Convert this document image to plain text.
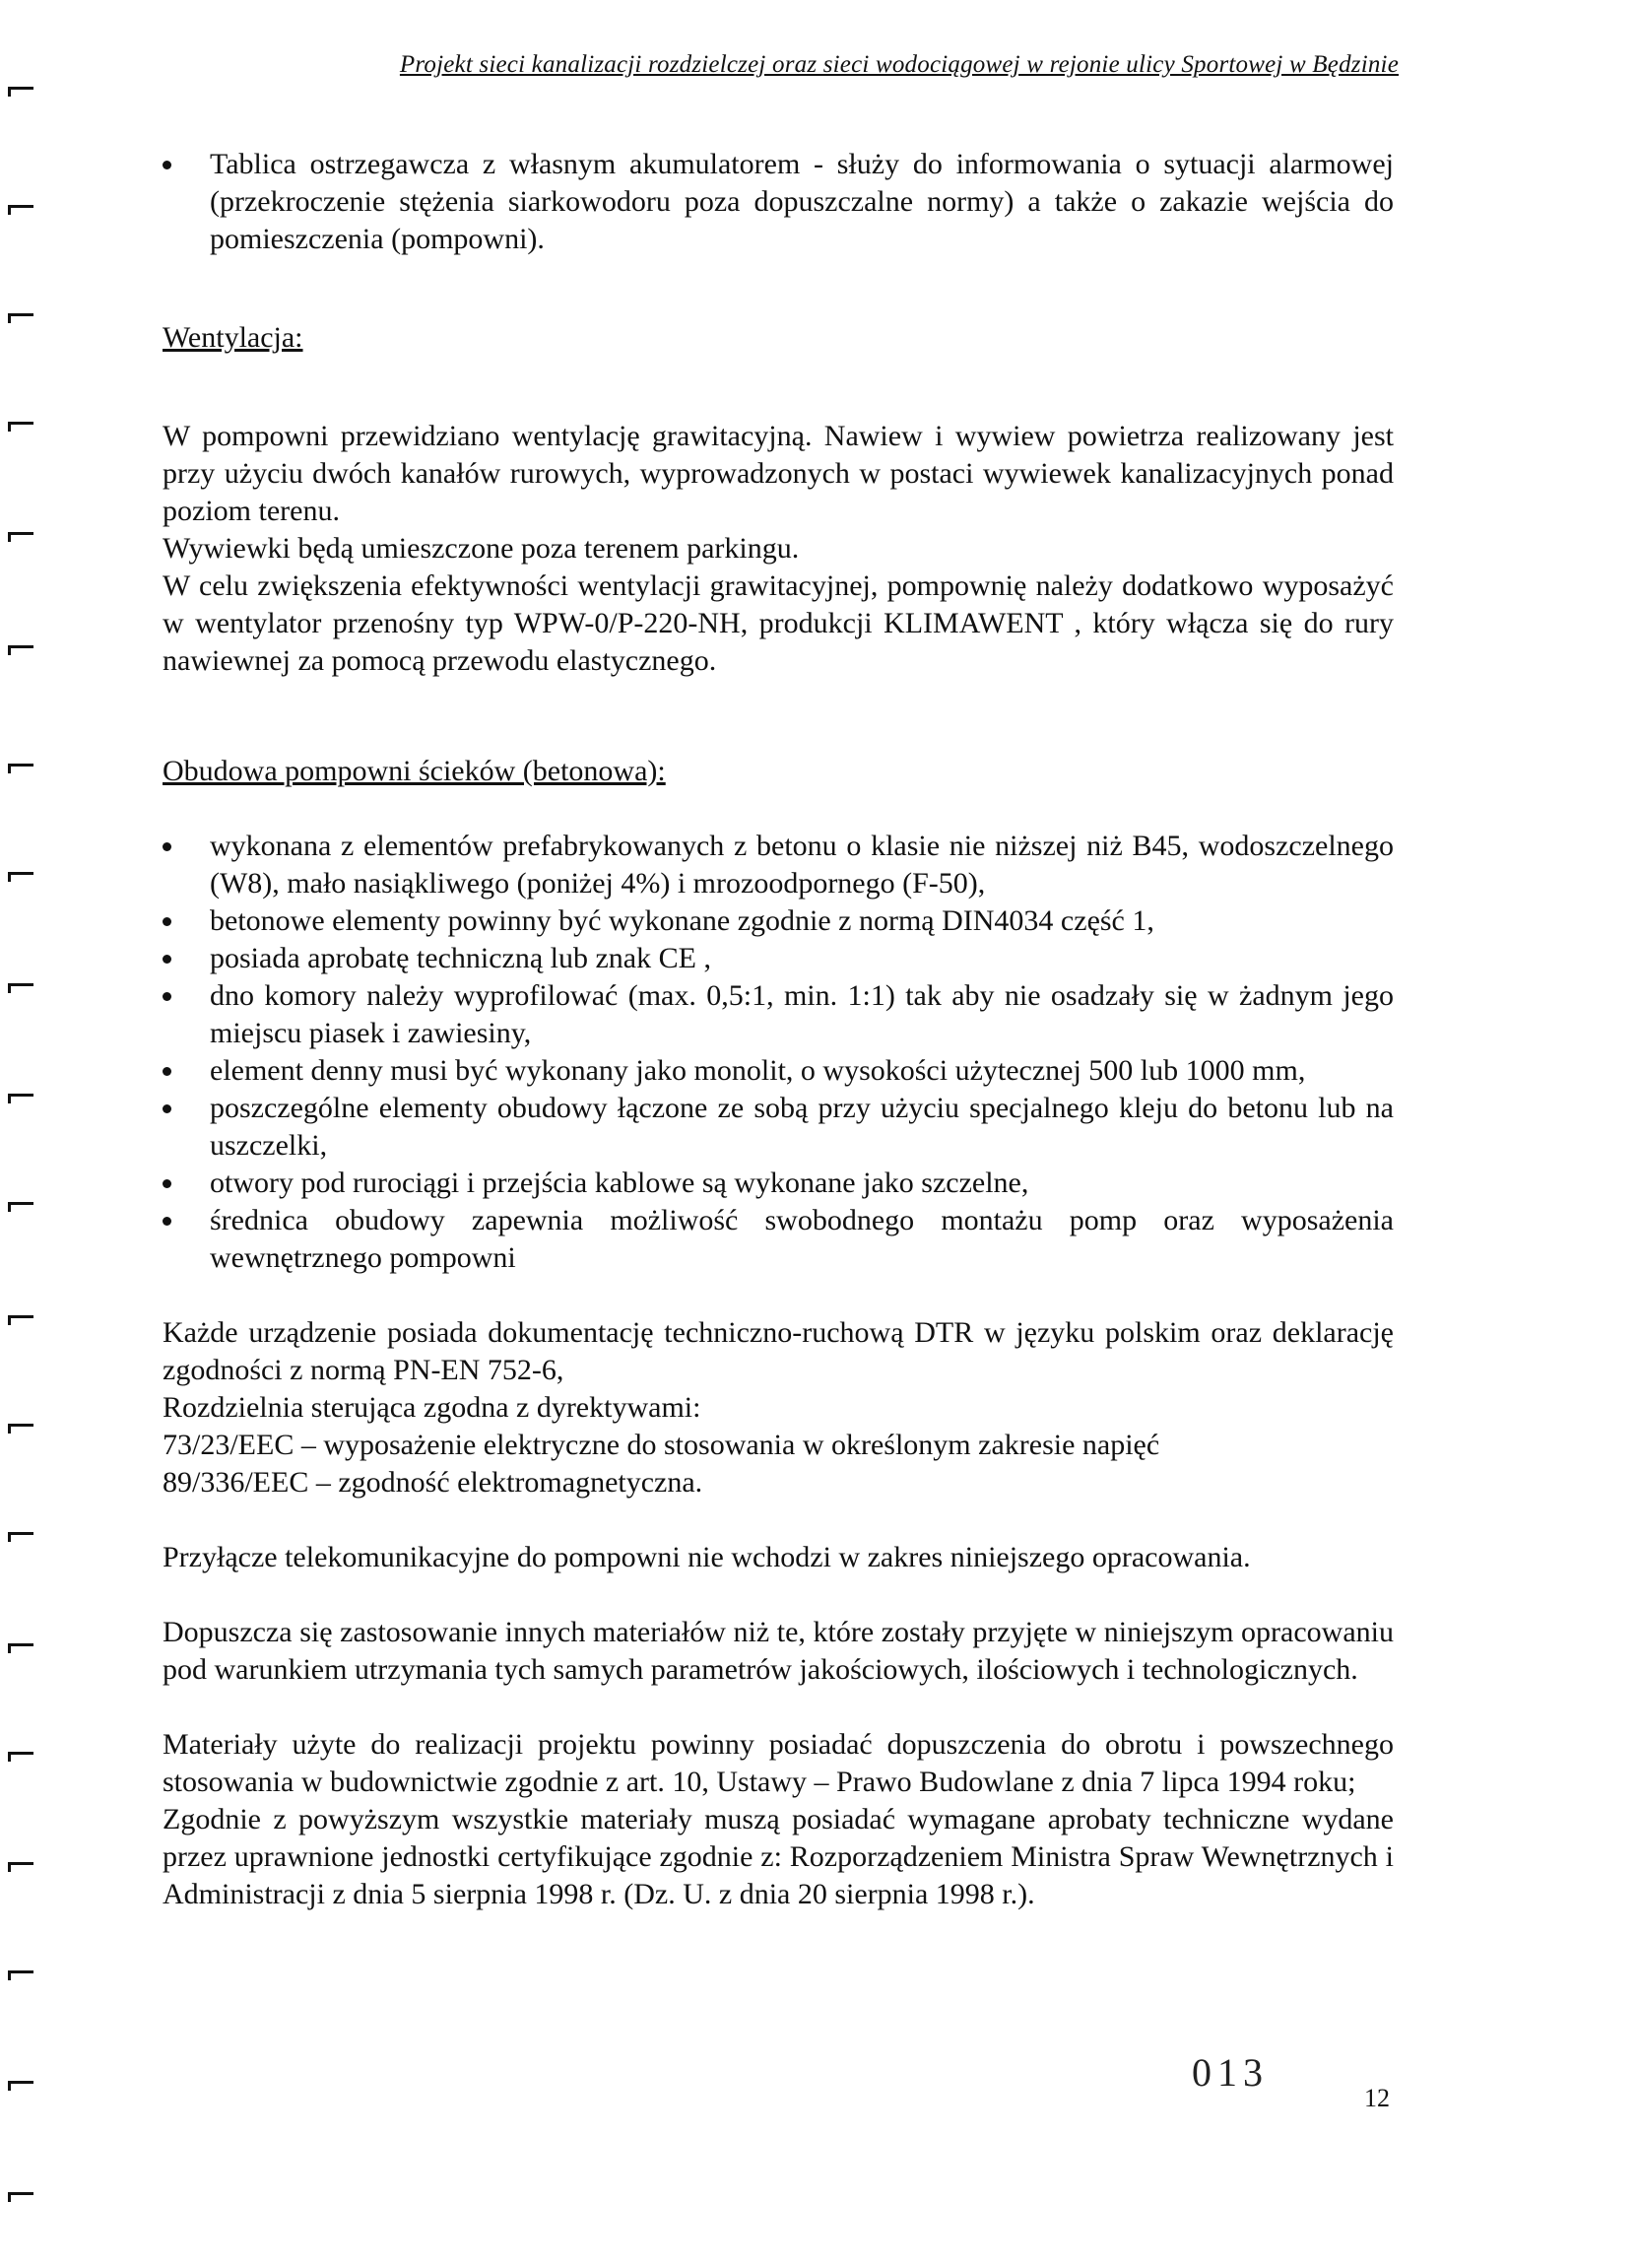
Projekt sieci kanalizacji rozdzielczej oraz sieci wodociągowej w rejonie ulicy Sportowej w Będzinie
Tablica ostrzegawcza z własnym akumulatorem - służy do informowania o sytuacji alarmowej (przekroczenie stężenia siarkowodoru poza dopuszczalne normy) a także o zakazie wejścia do pomieszczenia (pompowni).

Wentylacja:

W pompowni przewidziano wentylację grawitacyjną. Nawiew i wywiew powietrza realizowany jest przy użyciu dwóch kanałów rurowych, wyprowadzonych w postaci wywiewek kanalizacyjnych ponad poziom terenu.

Wywiewki będą umieszczone poza terenem parkingu.

W celu zwiększenia efektywności wentylacji grawitacyjnej, pompownię należy dodatkowo wyposażyć w wentylator przenośny typ WPW-0/P-220-NH, produkcji KLIMAWENT , który włącza się do rury nawiewnej za pomocą przewodu elastycznego.

Obudowa pompowni ścieków (betonowa):

wykonana z elementów prefabrykowanych z betonu o klasie nie niższej niż B45, wodoszczelnego (W8), mało nasiąkliwego (poniżej 4%) i mrozoodpornego (F-50),
betonowe elementy powinny być wykonane zgodnie z normą DIN4034 część 1,
posiada aprobatę techniczną lub znak CE ,
dno komory należy wyprofilować (max. 0,5:1, min. 1:1) tak aby nie osadzały się w żadnym jego miejscu piasek i zawiesiny,
element denny musi być wykonany jako monolit, o wysokości użytecznej 500 lub 1000 mm,
poszczególne elementy obudowy łączone ze sobą przy użyciu specjalnego kleju do betonu lub na uszczelki,
otwory pod rurociągi i przejścia kablowe są wykonane jako szczelne,
średnica obudowy zapewnia możliwość swobodnego montażu pomp oraz wyposażenia wewnętrznego pompowni

Każde urządzenie posiada dokumentację techniczno-ruchową DTR w języku polskim oraz deklarację zgodności z normą PN-EN 752-6,

Rozdzielnia sterująca zgodna z dyrektywami:

73/23/EEC – wyposażenie elektryczne do stosowania w określonym zakresie napięć

89/336/EEC – zgodność elektromagnetyczna.

Przyłącze telekomunikacyjne do pompowni nie wchodzi w zakres niniejszego opracowania.

Dopuszcza się zastosowanie innych materiałów niż te, które zostały przyjęte w niniejszym opracowaniu pod warunkiem utrzymania tych samych parametrów jakościowych, ilościowych i technologicznych.

Materiały użyte do realizacji projektu powinny posiadać dopuszczenia do obrotu i powszechnego stosowania w budownictwie zgodnie z art. 10, Ustawy – Prawo Budowlane z dnia 7 lipca 1994 roku;

Zgodnie z powyższym wszystkie materiały muszą posiadać wymagane aprobaty techniczne wydane przez uprawnione jednostki certyfikujące zgodnie z: Rozporządzeniem Ministra Spraw Wewnętrznych i Administracji z dnia 5 sierpnia 1998 r. (Dz. U. z dnia 20 sierpnia 1998 r.).

013
12
